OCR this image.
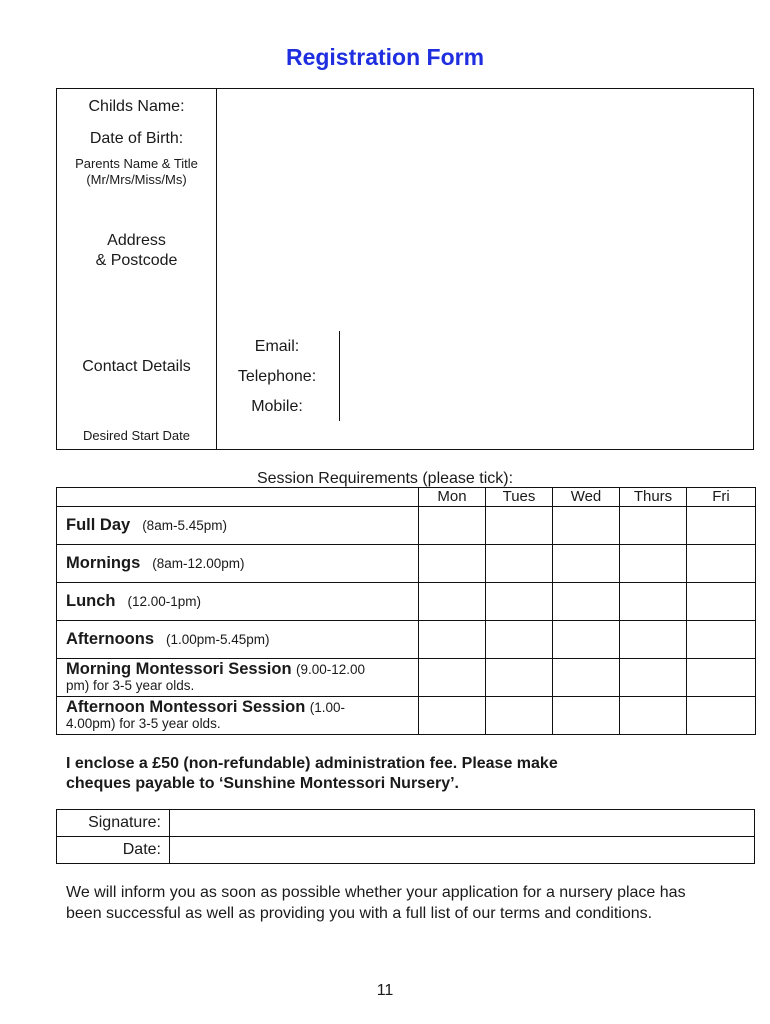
Registration Form
Childs Name:
Date of Birth:
Parents Name & Title
(Mr/Mrs/Miss/Ms)
Address
& Postcode
Contact Details
Email:
Telephone:
Mobile:
Desired Start Date
Session Requirements (please tick):
	Mon	Tues	Wed	Thurs	Fri
Full Day (8am-5.45pm)					
Mornings (8am-12.00pm)					
Lunch (12.00-1pm)					
Afternoons (1.00pm-5.45pm)					
Morning Montessori Session (9.00-12.00
pm) for 3-5 year olds.					
Afternoon Montessori Session (1.00-
4.00pm) for 3-5 year olds.					
I enclose a £50 (non-refundable) administration fee. Please make
cheques payable to ‘Sunshine Montessori Nursery’.
Signature:	
Date:	
We will inform you as soon as possible whether your application for a nursery place has been successful as well as providing you with a full list of our terms and conditions.
11
